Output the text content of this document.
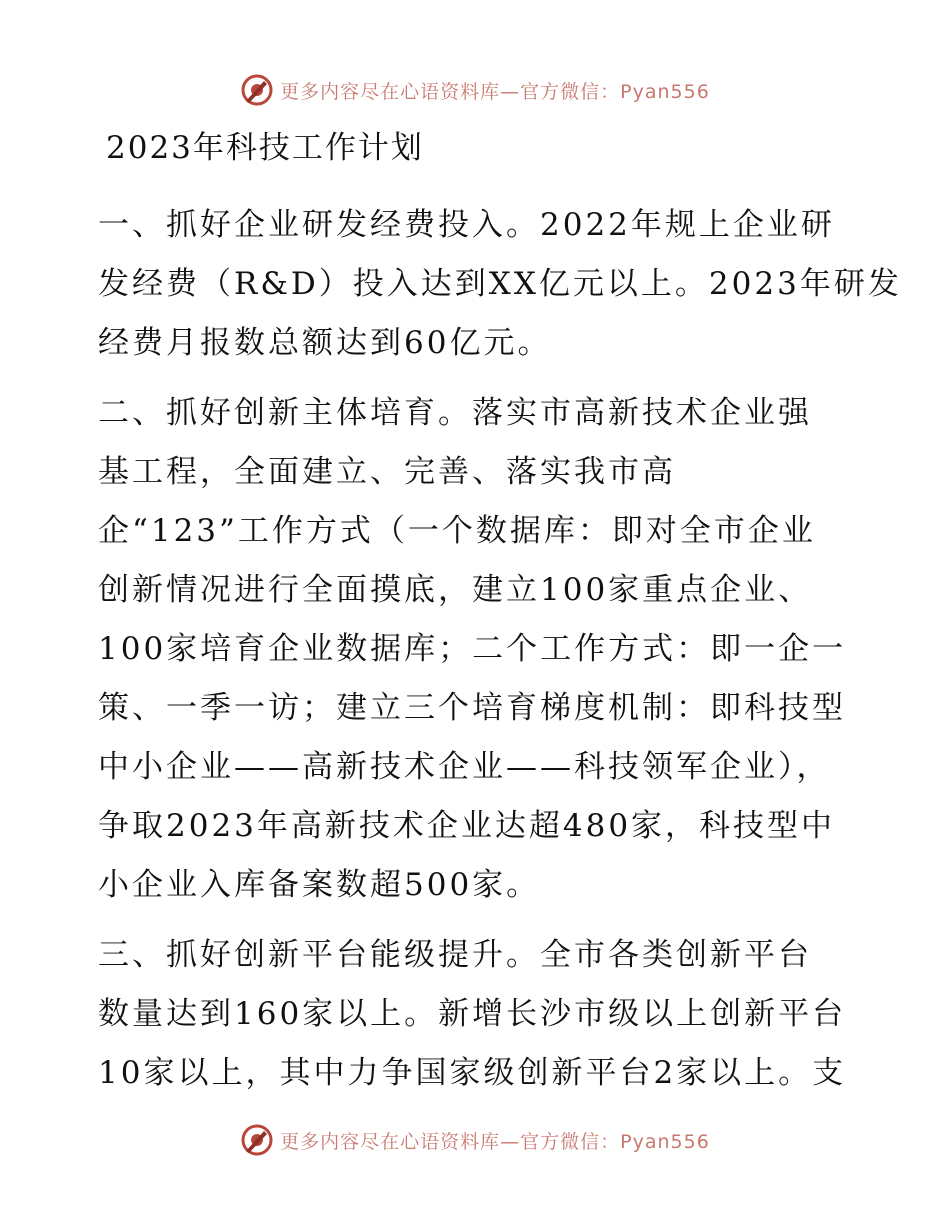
更多内容尽在心语资料库—官方微信：Pyan556
2023年科技工作计划
一、抓好企业研发经费投入。2022年规上企业研
发经费（R&D）投入达到XX亿元以上。2023年研发
经费月报数总额达到60亿元。
二、抓好创新主体培育。落实市高新技术企业强
基工程，全面建立、完善、落实我市高
企“123”工作方式（一个数据库：即对全市企业
创新情况进行全面摸底，建立100家重点企业、
100家培育企业数据库；二个工作方式：即一企一
策、一季一访；建立三个培育梯度机制：即科技型
中小企业——高新技术企业——科技领军企业），
争取2023年高新技术企业达超480家，科技型中
小企业入库备案数超500家。
三、抓好创新平台能级提升。全市各类创新平台
数量达到160家以上。新增长沙市级以上创新平台
10家以上，其中力争国家级创新平台2家以上。支
更多内容尽在心语资料库—官方微信：Pyan556
